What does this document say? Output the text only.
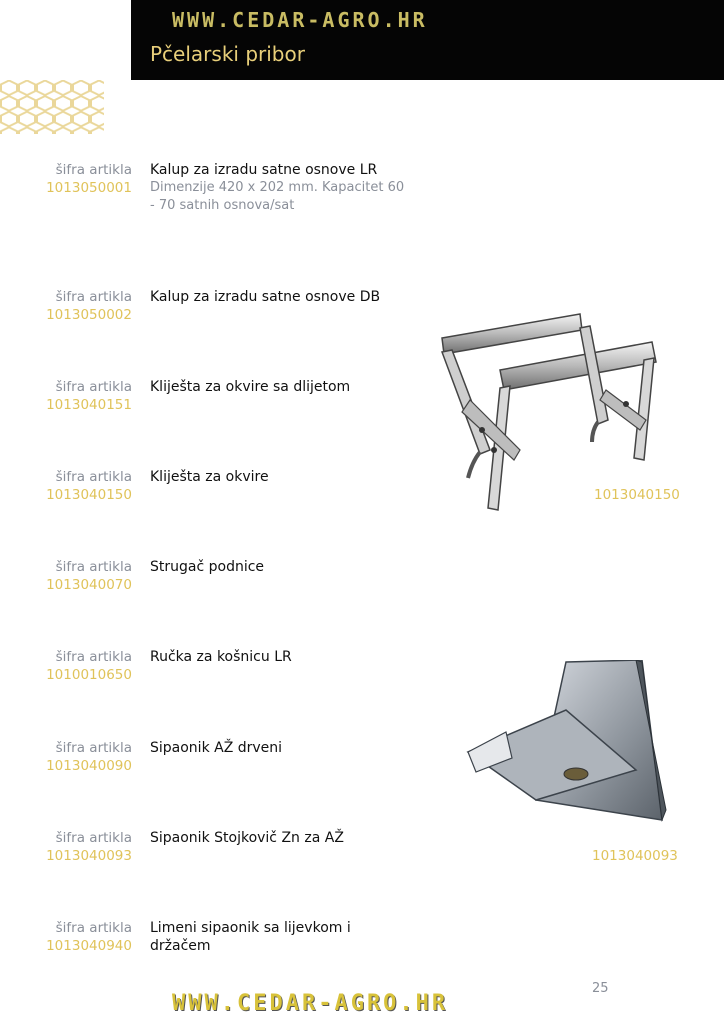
WWW.CEDAR-AGRO.HR
Pčelarski pribor
šifra artikla
1013050001
Kalup za izradu satne osnove LR
Dimenzije 420 x 202 mm. Kapacitet 60 - 70 satnih osnova/sat
šifra artikla
1013050002
Kalup za izradu satne osnove DB
šifra artikla
1013040151
Kliješta za okvire sa dlijetom
šifra artikla
1013040150
Kliješta za okvire
šifra artikla
1013040070
Strugač podnice
šifra artikla
1010010650
Ručka za košnicu LR
šifra artikla
1013040090
Sipaonik AŽ drveni
šifra artikla
1013040093
Sipaonik Stojkovič Zn za AŽ
šifra artikla
1013040940
Limeni sipaonik sa lijevkom i držačem
1013040150
1013040093
25
WWW.CEDAR-AGRO.HR
